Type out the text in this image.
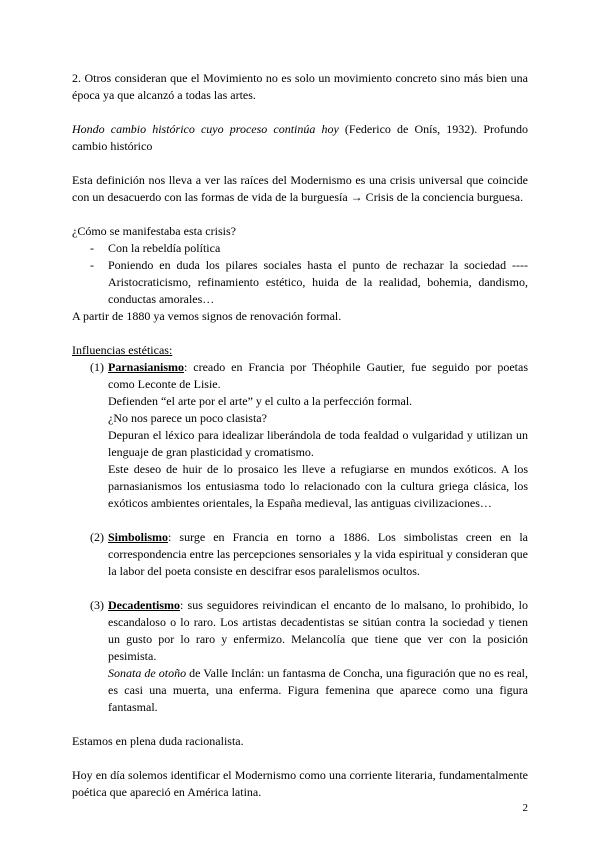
2. Otros consideran que el Movimiento no es solo un movimiento concreto sino más bien una época ya que alcanzó a todas las artes.

Hondo cambio histórico cuyo proceso continúa hoy (Federico de Onís, 1932). Profundo cambio histórico

Esta definición nos lleva a ver las raíces del Modernismo es una crisis universal que coincide con un desacuerdo con las formas de vida de la burguesía → Crisis de la conciencia burguesa.

¿Cómo se manifestaba esta crisis?

- Con la rebeldía política
- Poniendo en duda los pilares sociales hasta el punto de rechazar la sociedad ---- Aristocraticismo, refinamiento estético, huida de la realidad, bohemia, dandismo, conductas amorales…

A partir de 1880 ya vemos signos de renovación formal.

Influencias estéticas:

(1) Parnasianismo: creado en Francia por Théophile Gautier, fue seguido por poetas como Leconte de Lisie.

Defienden “el arte por el arte” y el culto a la perfección formal.

¿No nos parece un poco clasista?

Depuran el léxico para idealizar liberándola de toda fealdad o vulgaridad y utilizan un lenguaje de gran plasticidad y cromatismo.

Este deseo de huir de lo prosaico les lleve a refugiarse en mundos exóticos. A los parnasianismos los entusiasma todo lo relacionado con la cultura griega clásica, los exóticos ambientes orientales, la España medieval, las antiguas civilizaciones…

(2) Simbolismo: surge en Francia en torno a 1886. Los simbolistas creen en la correspondencia entre las percepciones sensoriales y la vida espiritual y consideran que la labor del poeta consiste en descifrar esos paralelismos ocultos.

(3) Decadentismo: sus seguidores reivindican el encanto de lo malsano, lo prohibido, lo escandaloso o lo raro. Los artistas decadentistas se sitúan contra la sociedad y tienen un gusto por lo raro y enfermizo. Melancolía que tiene que ver con la posición pesimista.

Sonata de otoño de Valle Inclán: un fantasma de Concha, una figuración que no es real, es casi una muerta, una enferma. Figura femenina que aparece como una figura fantasmal.

Estamos en plena duda racionalista.

Hoy en día solemos identificar el Modernismo como una corriente literaria, fundamentalmente poética que apareció en América latina.

2
